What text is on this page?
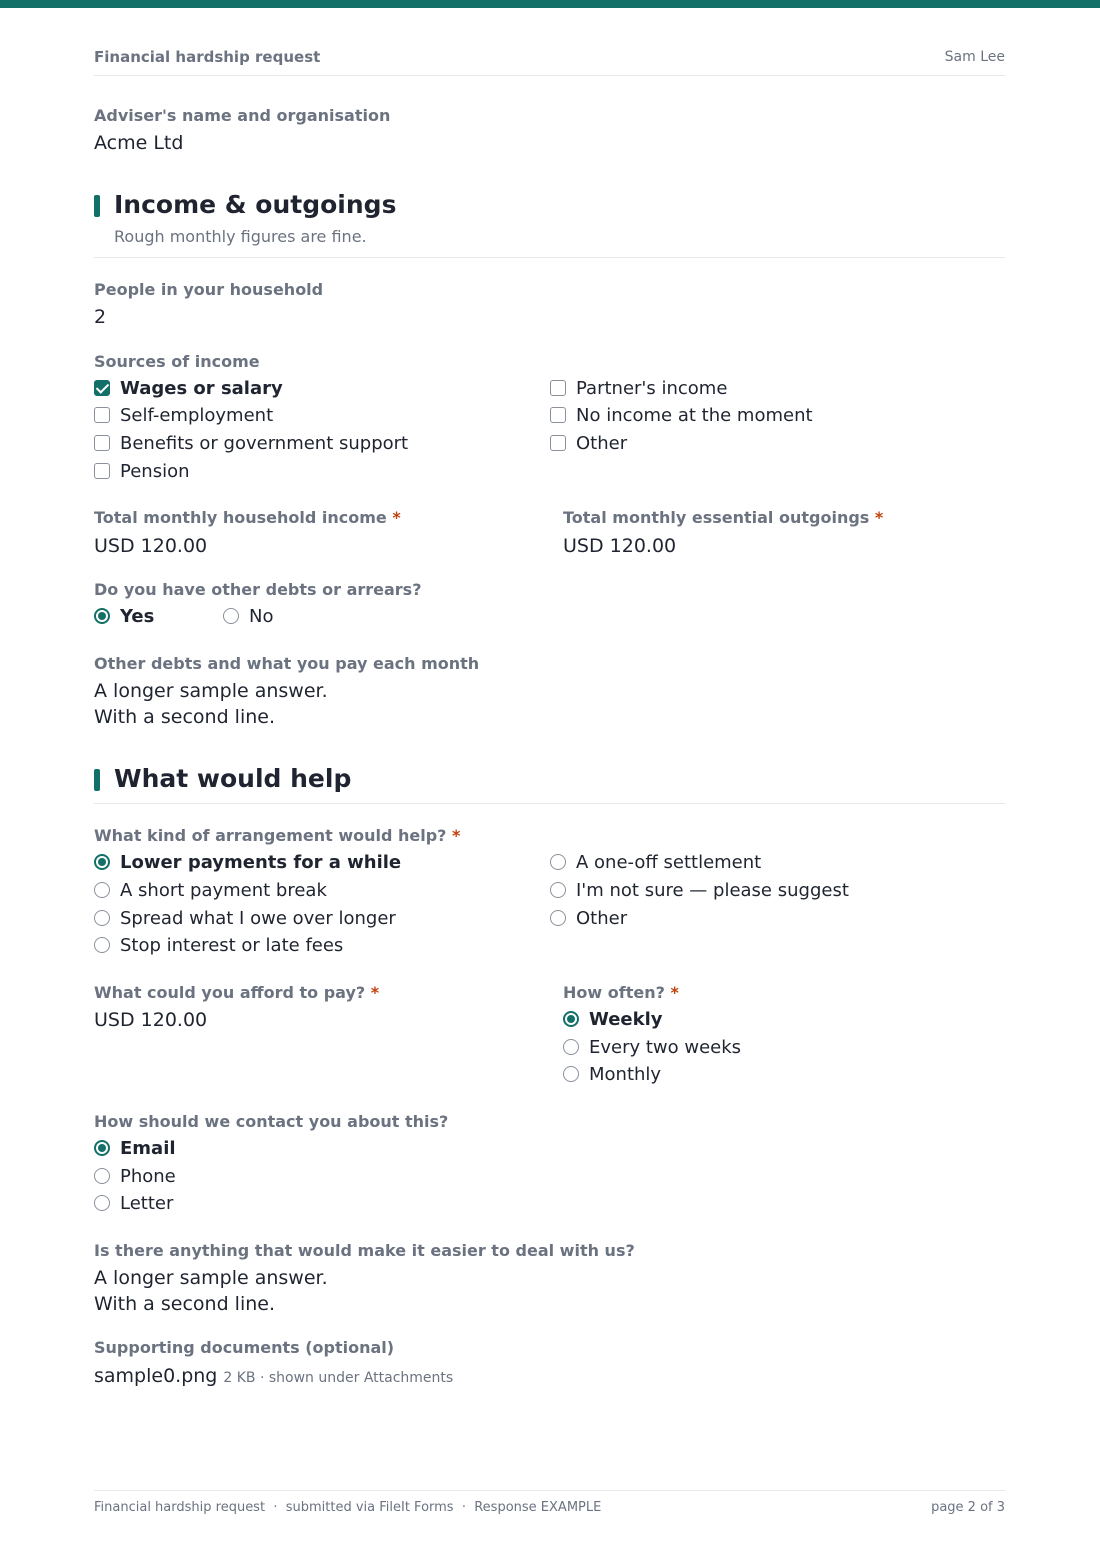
Financial hardship request	Sam Lee
Adviser's name and organisation
Acme Ltd
Income & outgoings
Rough monthly figures are fine.
People in your household
2
Sources of income
Wages or salary
Self-employment
Benefits or government support
Pension
Partner's income
No income at the moment
Other
Total monthly household income *
USD 120.00
Total monthly essential outgoings *
USD 120.00
Do you have other debts or arrears?
Yes	No
Other debts and what you pay each month
A longer sample answer.
With a second line.
What would help
What kind of arrangement would help? *
Lower payments for a while
A short payment break
Spread what I owe over longer
Stop interest or late fees
A one-off settlement
I'm not sure — please suggest
Other
What could you afford to pay? *
USD 120.00
How often? *
Weekly
Every two weeks
Monthly
How should we contact you about this?
Email
Phone
Letter
Is there anything that would make it easier to deal with us?
A longer sample answer.
With a second line.
Supporting documents (optional)
sample0.png 2 KB · shown under Attachments
Financial hardship request  ·  submitted via FileIt Forms  ·  Response EXAMPLE	page 2 of 3
